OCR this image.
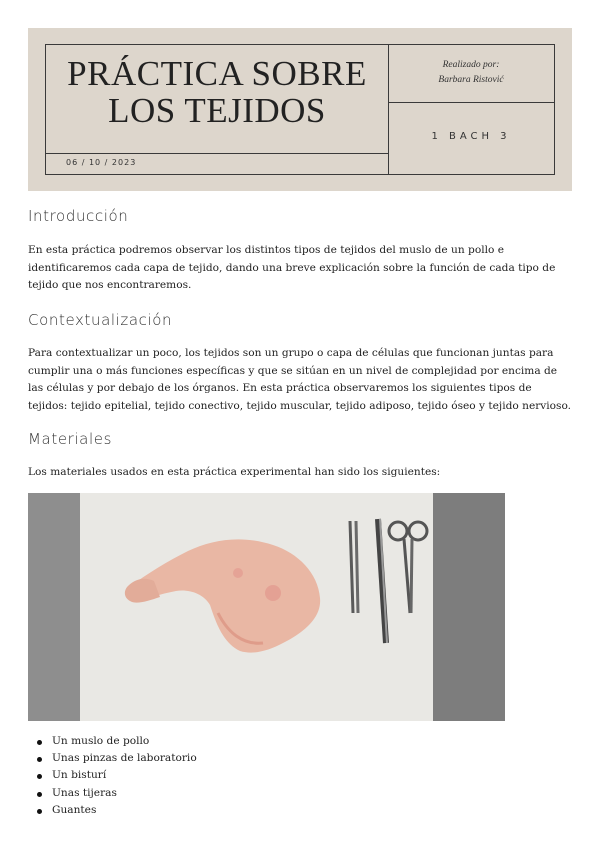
PRÁCTICA SOBRE
LOS TEJIDOS
06 / 10 / 2023
Realizado por:
Barbara Ristović
1 BACH 3
Introducción

En esta práctica podremos observar los distintos tipos de tejidos del muslo de un pollo e identificaremos cada capa de tejido, dando una breve explicación sobre la función de cada tipo de tejido que nos encontraremos.

Contextualización

Para contextualizar un poco, los tejidos son un grupo o capa de células que funcionan juntas para cumplir una o más funciones específicas y que se sitúan en un nivel de complejidad por encima de las células y por debajo de los órganos. En esta práctica observaremos los siguientes tipos de tejidos: tejido epitelial, tejido conectivo, tejido muscular, tejido adiposo, tejido óseo y tejido nervioso.

Materiales

Los materiales usados en esta práctica experimental han sido los siguientes:

Un muslo de pollo
Unas pinzas de laboratorio
Un bisturí
Unas tijeras
Guantes
